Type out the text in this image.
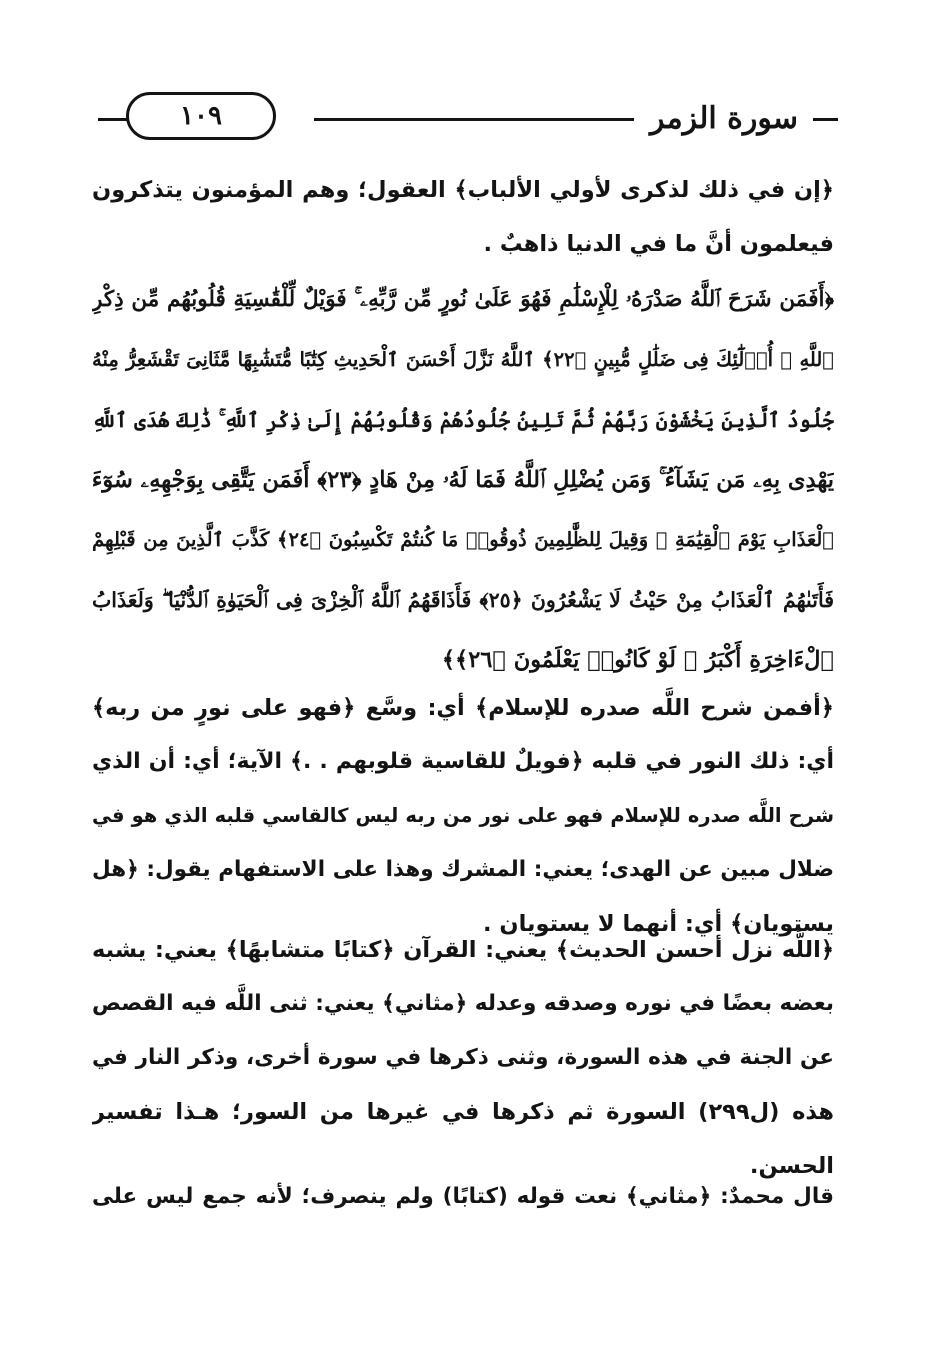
١٠٩	سورة الزمر
﴿إن في ذلك لذكرى لأولي الألباب﴾ العقول؛ وهم المؤمنون يتذكرون
فيعلمون أنَّ ما في الدنيا ذاهبٌ .
﴿أَفَمَن شَرَحَ ٱللَّهُ صَدْرَهُۥ لِلْإِسْلَٰمِ فَهُوَ عَلَىٰ نُورٍ مِّن رَّبِّهِۦ ۚ فَوَيْلٌ لِّلْقَٰسِيَةِ قُلُوبُهُم مِّن ذِكْرِ
ٱللَّهِ ۚ أُو۟لَٰٓئِكَ فِى ضَلَٰلٍ مُّبِينٍ ﴿٢٢﴾ ٱللَّهُ نَزَّلَ أَحْسَنَ ٱلْحَدِيثِ كِتَٰبًا مُّتَشَٰبِهًا مَّثَانِىَ تَقْشَعِرُّ مِنْهُ
جُلُودُ ٱلَّذِينَ يَخْشَوْنَ رَبَّهُمْ ثُمَّ تَلِينُ جُلُودُهُمْ وَقُلُوبُهُمْ إِلَىٰ ذِكْرِ ٱللَّهِ ۚ ذَٰلِكَ هُدَى ٱللَّهِ
يَهْدِى بِهِۦ مَن يَشَآءُ ۚ وَمَن يُضْلِلِ ٱللَّهُ فَمَا لَهُۥ مِنْ هَادٍ ﴿٢٣﴾ أَفَمَن يَتَّقِى بِوَجْهِهِۦ سُوٓءَ
ٱلْعَذَابِ يَوْمَ ٱلْقِيَٰمَةِ ۚ وَقِيلَ لِلظَّٰلِمِينَ ذُوقُوا۟ مَا كُنتُمْ تَكْسِبُونَ ﴿٢٤﴾ كَذَّبَ ٱلَّذِينَ مِن قَبْلِهِمْ
فَأَتَىٰهُمُ ٱلْعَذَابُ مِنْ حَيْثُ لَا يَشْعُرُونَ ﴿٢٥﴾ فَأَذَاقَهُمُ ٱللَّهُ ٱلْخِزْىَ فِى ٱلْحَيَوٰةِ ٱلدُّنْيَا ۖ وَلَعَذَابُ
ٱلْءَاخِرَةِ أَكْبَرُ ۚ لَوْ كَانُوا۟ يَعْلَمُونَ ﴿٢٦﴾﴾
﴿أفمن شرح اللَّه صدره للإسلام﴾ أي: وسَّع ﴿فهو على نورٍ من ربه﴾
أي: ذلك النور في قلبه ﴿فويلٌ للقاسية قلوبهم . .﴾ الآية؛ أي: أن الذي
شرح اللَّه صدره للإسلام فهو على نور من ربه ليس كالقاسي قلبه الذي هو في
ضلال مبين عن الهدى؛ يعني: المشرك وهذا على الاستفهام يقول: ﴿هل
يستويان﴾ أي: أنهما لا يستويان .
﴿اللَّه نزل أحسن الحديث﴾ يعني: القرآن ﴿كتابًا متشابهًا﴾ يعني: يشبه
بعضه بعضًا في نوره وصدقه وعدله ﴿مثاني﴾ يعني: ثنى اللَّه فيه القصص
عن الجنة في هذه السورة، وثنى ذكرها في سورة أخرى، وذكر النار في
هذه (ل٢٩٩) السورة ثم ذكرها في غيرها من السور؛ هـذا تفسير
الحسن.
قال محمدٌ: ﴿مثاني﴾ نعت قوله (كتابًا) ولم ينصرف؛ لأنه جمع ليس على
